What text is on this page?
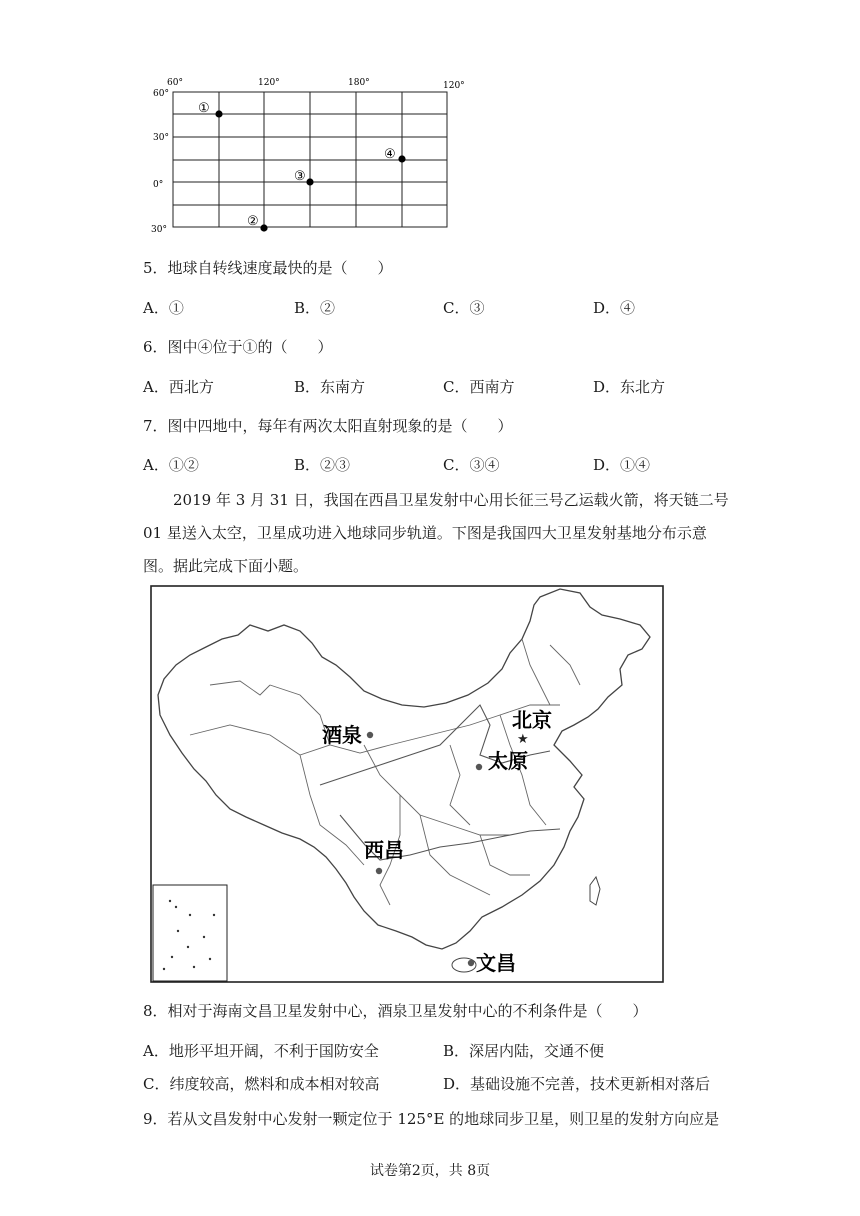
60°	120°	180°	120°
60°
30°
0°
30°
①
②
③
④
5．地球自转线速度最快的是（　　）
A．①	B．②	C．③	D．④
6．图中④位于①的（　　）
A．西北方	B．东南方	C．西南方	D．东北方
7．图中四地中，每年有两次太阳直射现象的是（　　）
A．①②	B．②③	C．③④	D．①④
2019 年 3 月 31 日，我国在西昌卫星发射中心用长征三号乙运载火箭，将天链二号
01 星送入太空，卫星成功进入地球同步轨道。下图是我国四大卫星发射基地分布示意
图。据此完成下面小题。
酒泉	★
北京
太原
西昌
文昌
8．相对于海南文昌卫星发射中心，酒泉卫星发射中心的不利条件是（　　）
A．地形平坦开阔，不利于国防安全	B．深居内陆，交通不便
C．纬度较高，燃料和成本相对较高	D．基础设施不完善，技术更新相对落后
9．若从文昌发射中心发射一颗定位于 125°E 的地球同步卫星，则卫星的发射方向应是
试卷第2页，共 8页
